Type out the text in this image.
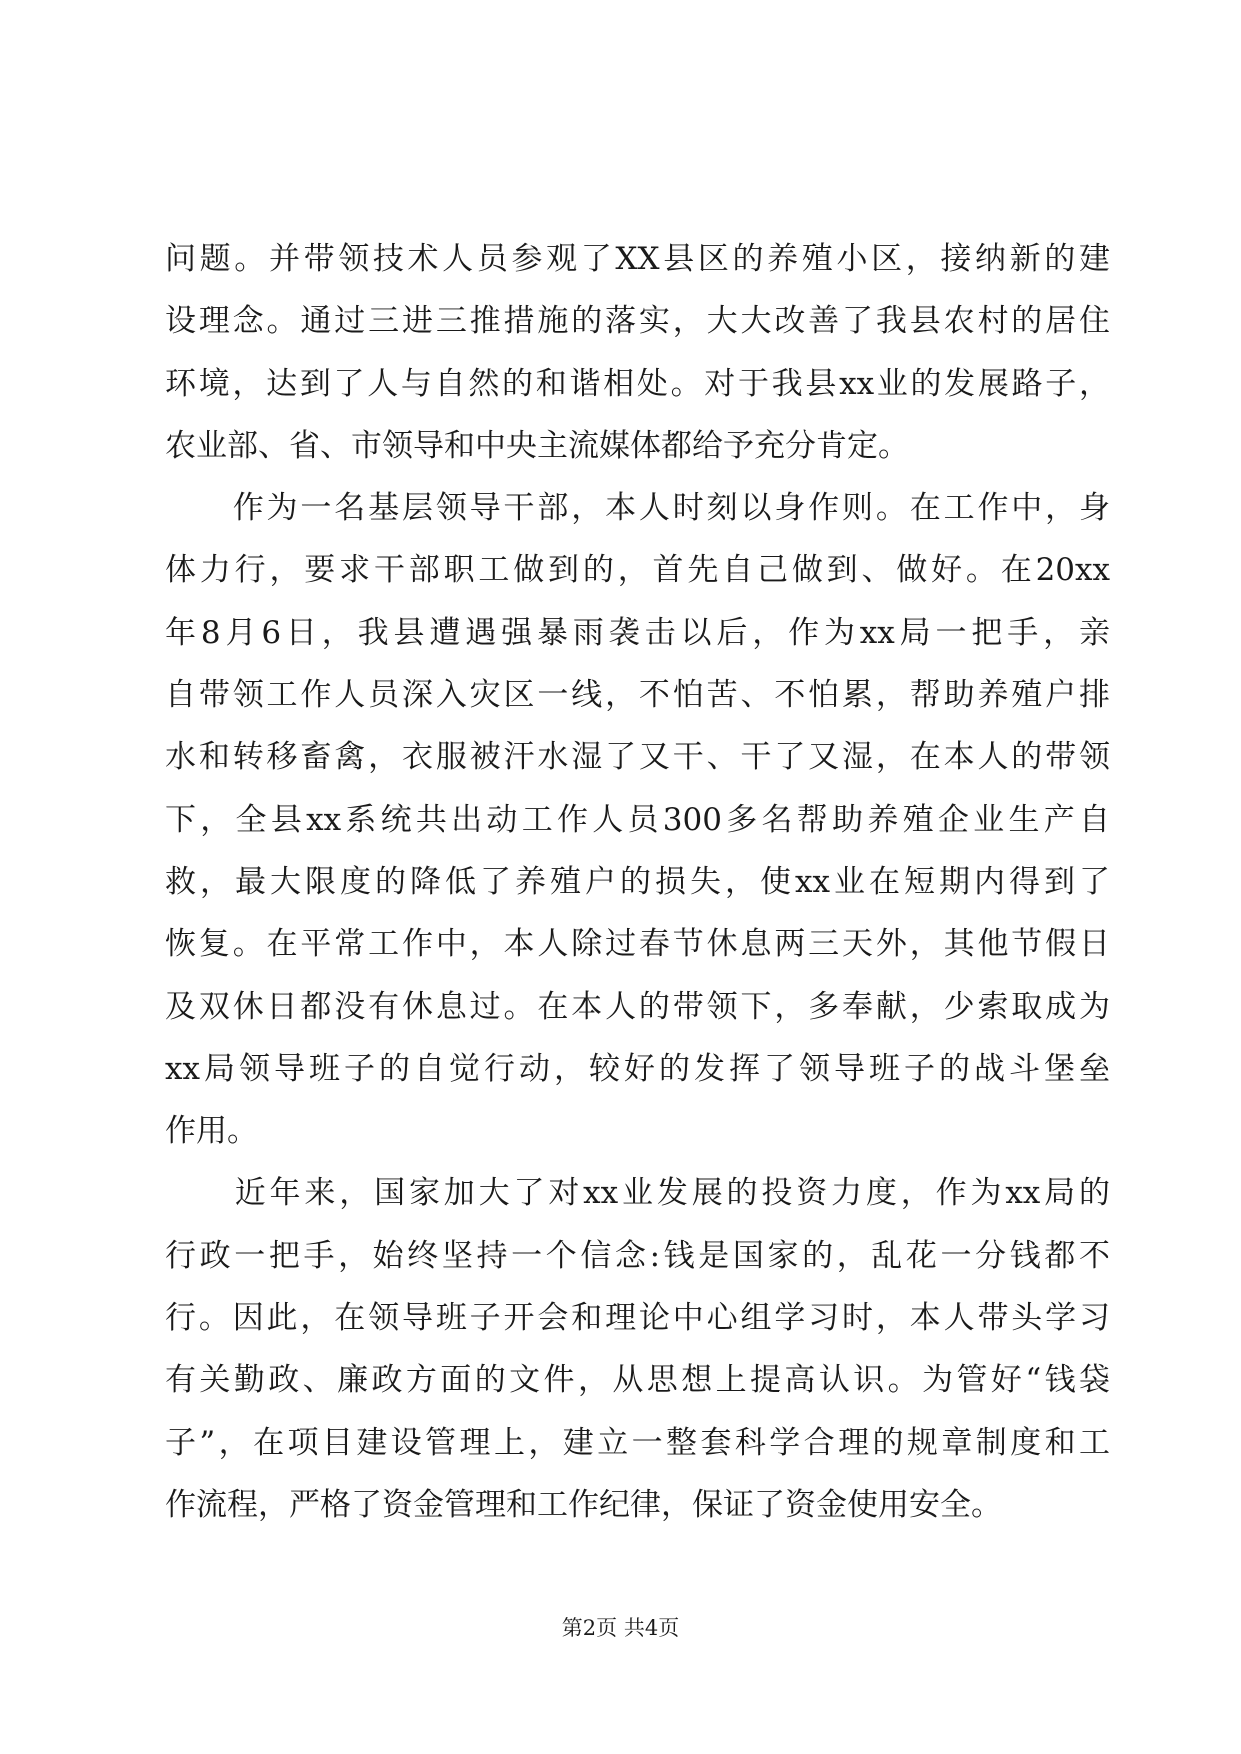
问题。并带领技术人员参观了XX县区的养殖小区，接纳新的建
设理念。通过三进三推措施的落实，大大改善了我县农村的居住
环境，达到了人与自然的和谐相处。对于我县xx业的发展路子，
农业部、省、市领导和中央主流媒体都给予充分肯定。
　　作为一名基层领导干部，本人时刻以身作则。在工作中，身
体力行，要求干部职工做到的，首先自己做到、做好。在20xx
年8月6日，我县遭遇强暴雨袭击以后，作为xx局一把手，亲
自带领工作人员深入灾区一线，不怕苦、不怕累，帮助养殖户排
水和转移畜禽，衣服被汗水湿了又干、干了又湿，在本人的带领
下，全县xx系统共出动工作人员300多名帮助养殖企业生产自
救，最大限度的降低了养殖户的损失，使xx业在短期内得到了
恢复。在平常工作中，本人除过春节休息两三天外，其他节假日
及双休日都没有休息过。在本人的带领下，多奉献，少索取成为
xx局领导班子的自觉行动，较好的发挥了领导班子的战斗堡垒
作用。
　　近年来，国家加大了对xx业发展的投资力度，作为xx局的
行政一把手，始终坚持一个信念:钱是国家的，乱花一分钱都不
行。因此，在领导班子开会和理论中心组学习时，本人带头学习
有关勤政、廉政方面的文件，从思想上提高认识。为管好“钱袋
子”，在项目建设管理上，建立一整套科学合理的规章制度和工
作流程，严格了资金管理和工作纪律，保证了资金使用安全。
第2页 共4页
